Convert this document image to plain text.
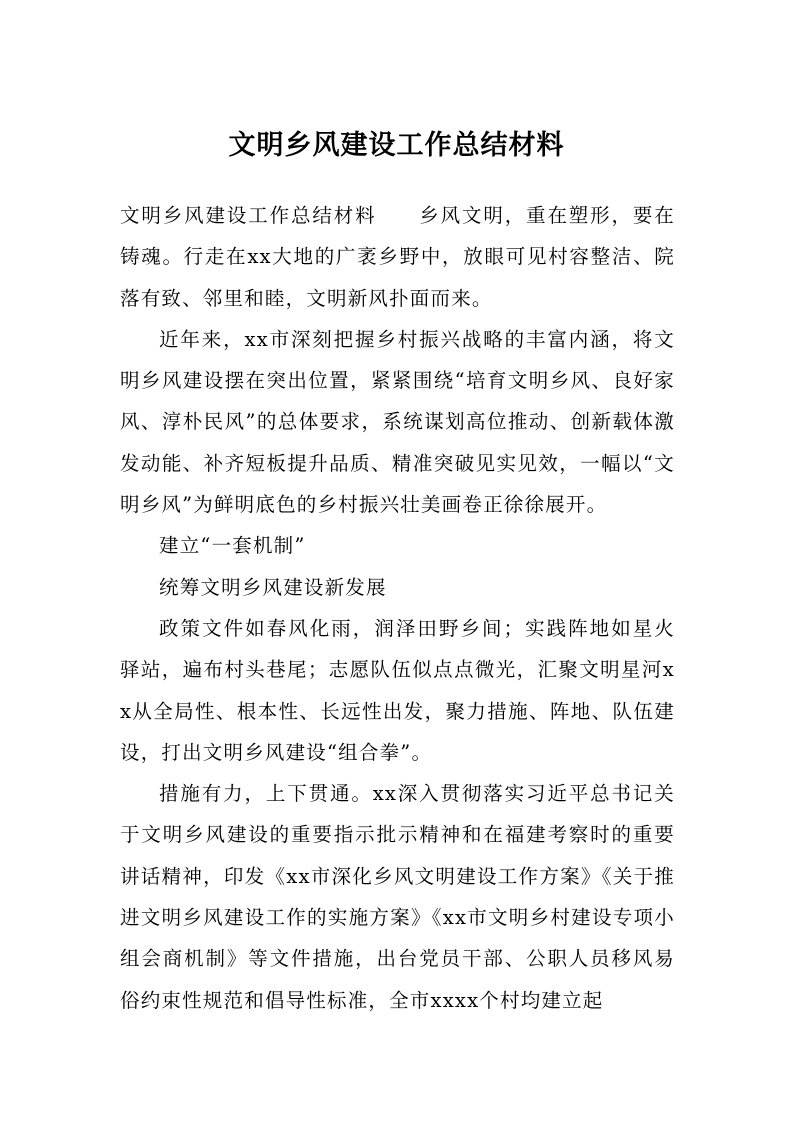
文明乡风建设工作总结材料

文明乡风建设工作总结材料　　乡风文明，重在塑形，要在铸魂。行走在xx大地的广袤乡野中，放眼可见村容整洁、院落有致、邻里和睦，文明新风扑面而来。

近年来，xx市深刻把握乡村振兴战略的丰富内涵，将文明乡风建设摆在突出位置，紧紧围绕“培育文明乡风、良好家风、淳朴民风”的总体要求，系统谋划高位推动、创新载体激发动能、补齐短板提升品质、精准突破见实见效，一幅以“文明乡风”为鲜明底色的乡村振兴壮美画卷正徐徐展开。

建立“一套机制”

统筹文明乡风建设新发展

政策文件如春风化雨，润泽田野乡间；实践阵地如星火驿站，遍布村头巷尾；志愿队伍似点点微光，汇聚文明星河xx从全局性、根本性、长远性出发，聚力措施、阵地、队伍建设，打出文明乡风建设“组合拳”。

措施有力，上下贯通。xx深入贯彻落实习近平总书记关于文明乡风建设的重要指示批示精神和在福建考察时的重要讲话精神，印发《xx市深化乡风文明建设工作方案》《关于推进文明乡风建设工作的实施方案》《xx市文明乡村建设专项小组会商机制》等文件措施，出台党员干部、公职人员移风易俗约束性规范和倡导性标准，全市xxxx个村均建立起
